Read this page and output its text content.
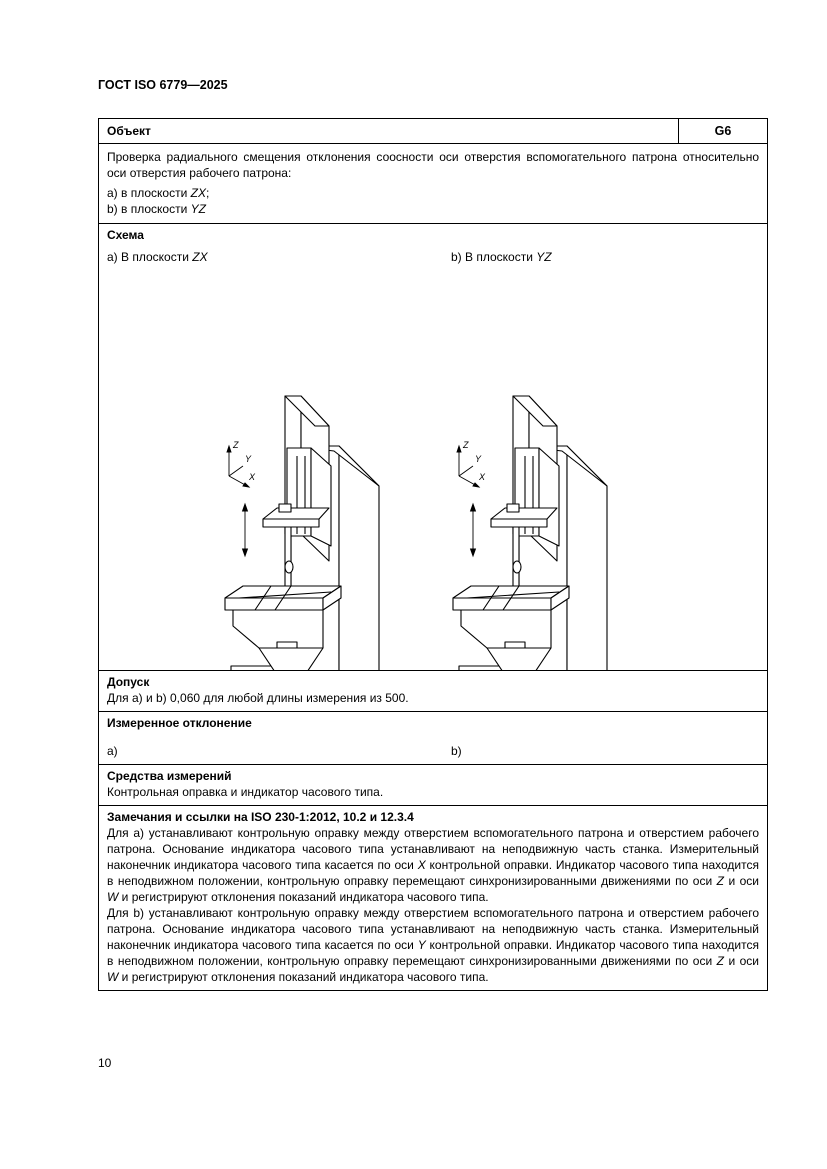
ГОСТ ISO 6779—2025
Объект	G6
Проверка радиального смещения отклонения соосности оси отверстия вспомогательного патрона относительно оси отверстия рабочего патрона:
a) в плоскости ZX;
b) в плоскости YZ
Z
Y
X
Z
Y
X
Схема
a) В плоскости ZX	b) В плоскости YZ
Допуск
Для a) и b) 0,060 для любой длины измерения из 500.
Измеренное отклонение
a)	b)
Средства измерений
Контрольная оправка и индикатор часового типа.
Замечания и ссылки на ISO 230-1:2012, 10.2 и 12.3.4
Для a) устанавливают контрольную оправку между отверстием вспомогательного патрона и отверстием рабочего патрона. Основание индикатора часового типа устанавливают на неподвижную часть станка. Измерительный наконечник индикатора часового типа касается по оси X контрольной оправки. Индикатор часового типа находится в неподвижном положении, контрольную оправку перемещают синхронизированными движениями по оси Z и оси W и регистрируют отклонения показаний индикатора часового типа.
Для b) устанавливают контрольную оправку между отверстием вспомогательного патрона и отверстием рабочего патрона. Основание индикатора часового типа устанавливают на неподвижную часть станка. Измерительный наконечник индикатора часового типа касается по оси Y контрольной оправки. Индикатор часового типа находится в неподвижном положении, контрольную оправку перемещают синхронизированными движениями по оси Z и оси W и регистрируют отклонения показаний индикатора часового типа.
10
